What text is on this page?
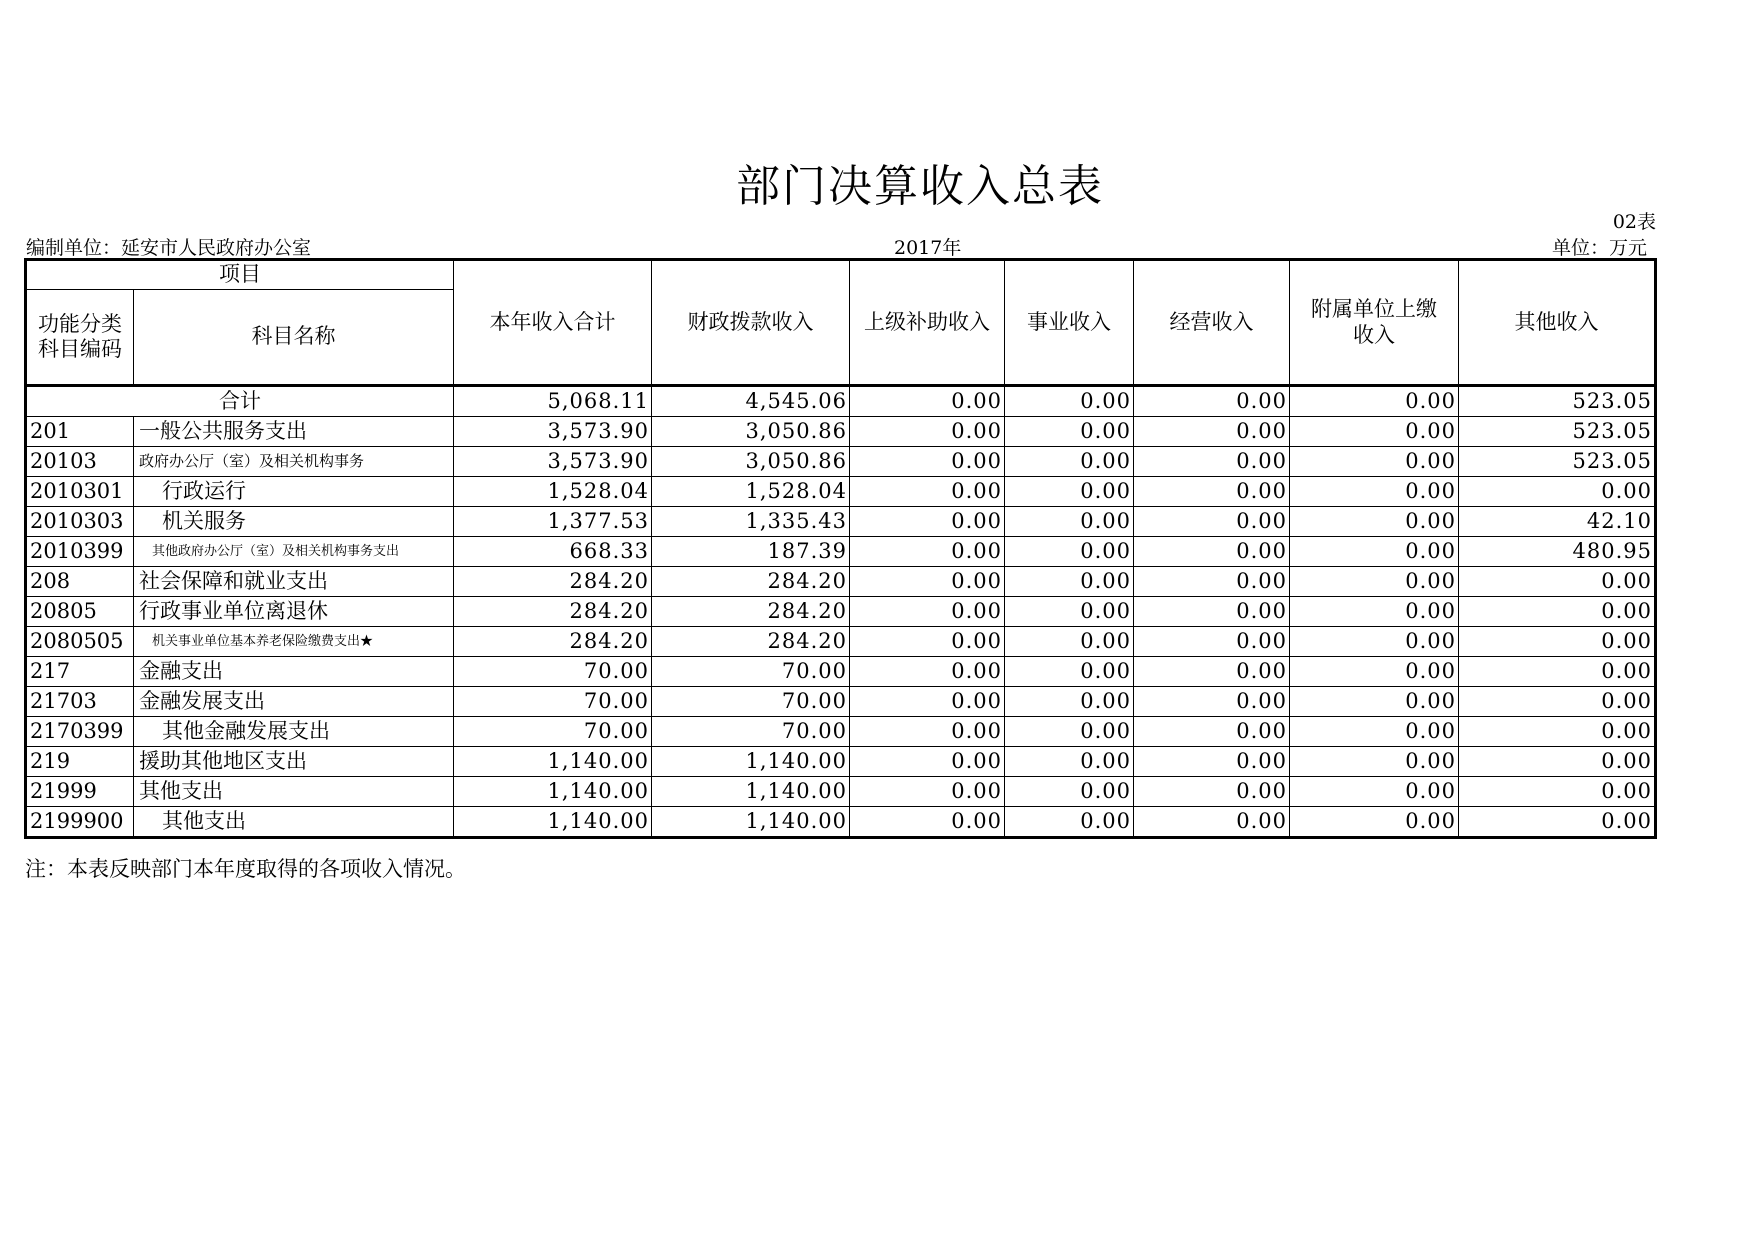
部门决算收入总表
02表
编制单位：延安市人民政府办公室	2017年	单位：万元
项目		本年收入合计	财政拨款收入	上级补助收入	事业收入	经营收入	附属单位上缴收入	其他收入
功能分类科目编码	科目名称							
合计		5,068.11	4,545.06	0.00	0.00	0.00	0.00	523.05
201	一般公共服务支出	3,573.90	3,050.86	0.00	0.00	0.00	0.00	523.05
20103	政府办公厅（室）及相关机构事务	3,573.90	3,050.86	0.00	0.00	0.00	0.00	523.05
2010301	行政运行	1,528.04	1,528.04	0.00	0.00	0.00	0.00	0.00
2010303	机关服务	1,377.53	1,335.43	0.00	0.00	0.00	0.00	42.10
2010399	其他政府办公厅（室）及相关机构事务支出	668.33	187.39	0.00	0.00	0.00	0.00	480.95
208	社会保障和就业支出	284.20	284.20	0.00	0.00	0.00	0.00	0.00
20805	行政事业单位离退休	284.20	284.20	0.00	0.00	0.00	0.00	0.00
2080505	机关事业单位基本养老保险缴费支出★	284.20	284.20	0.00	0.00	0.00	0.00	0.00
217	金融支出	70.00	70.00	0.00	0.00	0.00	0.00	0.00
21703	金融发展支出	70.00	70.00	0.00	0.00	0.00	0.00	0.00
2170399	其他金融发展支出	70.00	70.00	0.00	0.00	0.00	0.00	0.00
219	援助其他地区支出	1,140.00	1,140.00	0.00	0.00	0.00	0.00	0.00
21999	其他支出	1,140.00	1,140.00	0.00	0.00	0.00	0.00	0.00
2199900	其他支出	1,140.00	1,140.00	0.00	0.00	0.00	0.00	0.00
注：本表反映部门本年度取得的各项收入情况。
